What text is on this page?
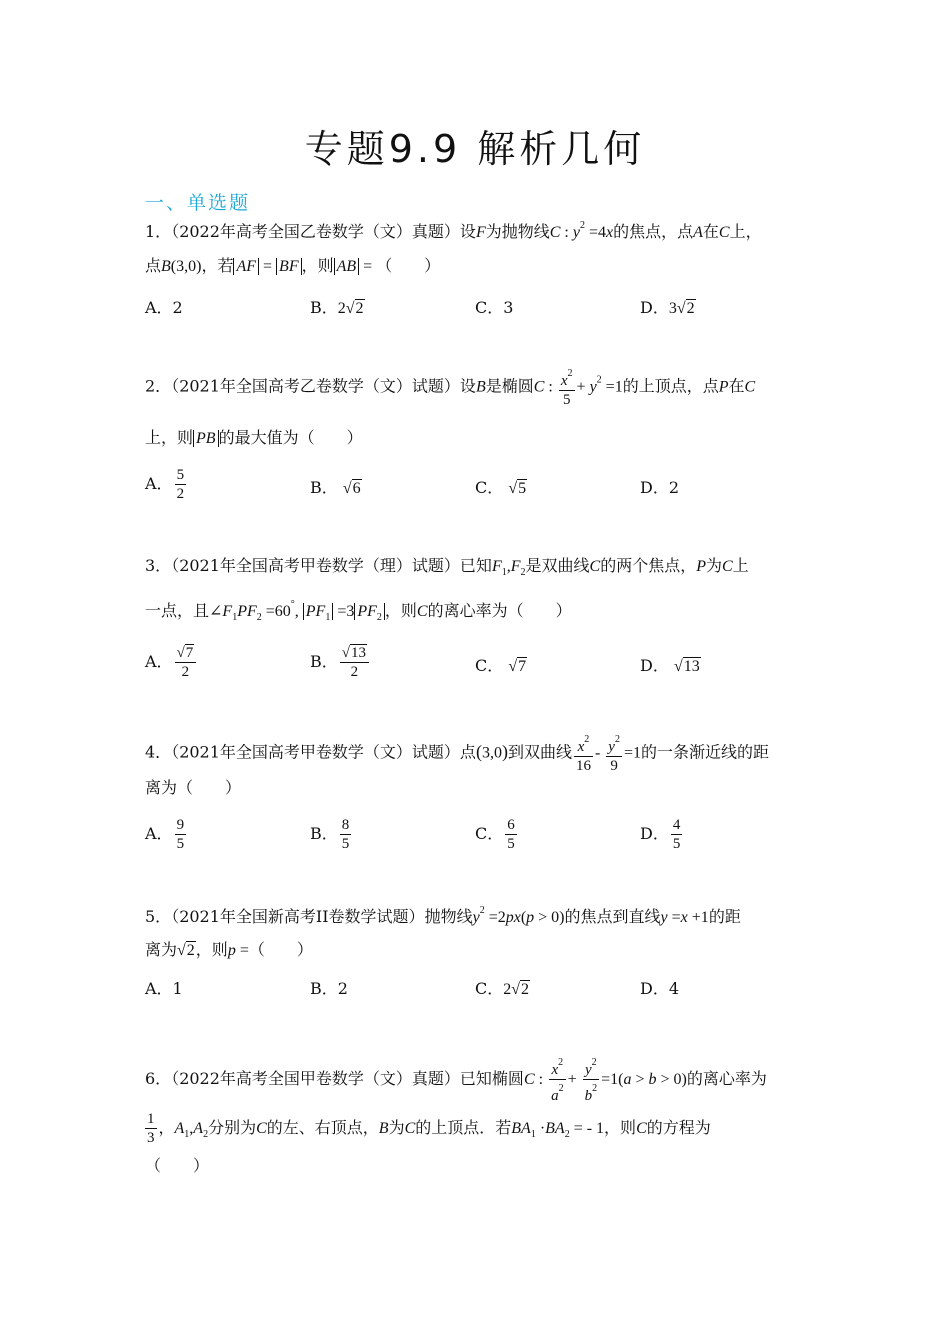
专题9.9 解析几何
一、单选题
1．（2022年高考全国乙卷数学（文）真题）设F为抛物线C : $y^2 =4x$的焦点，点A在C上，
点B(3,0)，若 AF = BF ，则 AB = （　　）
A．2	B．2√2	C．3	D．3√2
2．（2021年全国高考乙卷数学（文）试题）设B是椭圆C : $\frac{x^2}{5} + y^2 =1$的上顶点，点P在C
上，则 PB 的最大值为（　　）
A． $\frac{5}{2}$	B． √6	C． √5	D．2
3．（2021年全国高考甲卷数学（理）试题）已知$F_1,F_2$是双曲线C的两个焦点，P为C上
一点，且$\angle F_1PF_2 =60^\circ$, $PF_1 =3$ $PF_2$ ，则C的离心率为（　　）
A． $\frac{√7}{2}$	B． $\frac{√13}{2}$	C． √7	D． √13
4．（2021年全国高考甲卷数学（文）试题）点(3,0)到双曲线 $\frac{x^2}{16} - \frac{y^2}{9} =1$的一条渐近线的距
离为（　　）
A． $\frac{9}{5}$	B． $\frac{8}{5}$	C． $\frac{6}{5}$	D． $\frac{4}{5}$
5．（2021年全国新高考II卷数学试题）抛物线$y^2 =2px(p > 0)$的焦点到直线y =x +1的距
离为√2，则p =（　　）
A．1	B．2	C．2√2	D．4
6．（2022年高考全国甲卷数学（文）真题）已知椭圆C : $\frac{x^2}{a^2} + \frac{y^2}{b^2} =1(a > b > 0)$的离心率为
$\frac{1}{3}$ ，$A_1,A_2$分别为C的左、右顶点，B为C的上顶点．若$BA_1 \cdot BA_2$ = - 1，则C的方程为
（　　）
